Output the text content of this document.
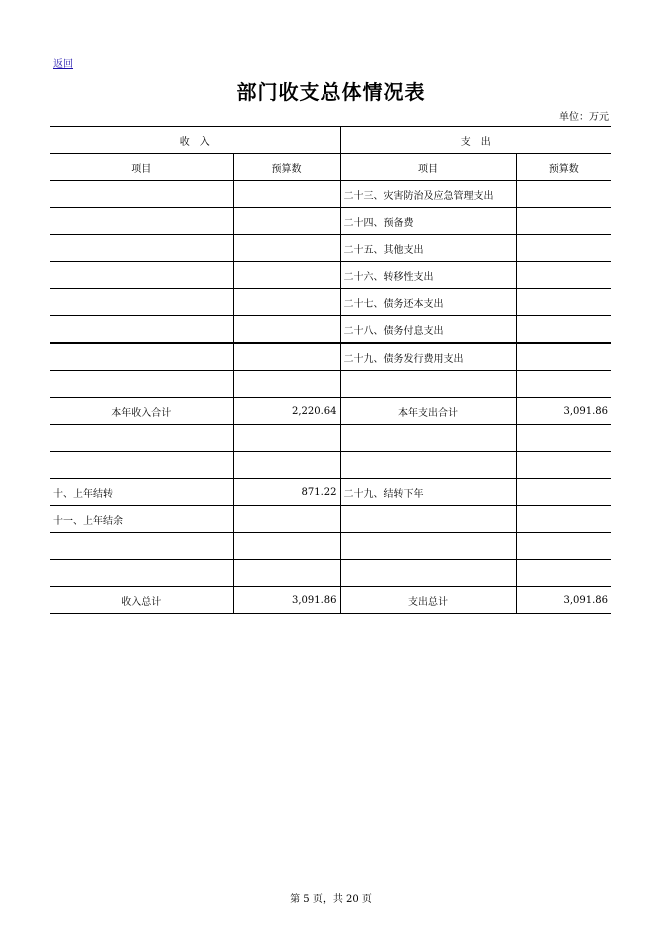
返回
部门收支总体情况表
单位：万元
收　入		支　出	
项目	预算数	项目	预算数
		二十三、灾害防治及应急管理支出	
		二十四、预备费	
		二十五、其他支出	
		二十六、转移性支出	
		二十七、债务还本支出	
		二十八、债务付息支出	
		二十九、债务发行费用支出	

本年收入合计	2,220.64	本年支出合计	3,091.86

十、上年结转	871.22	二十九、结转下年	
十一、上年结余			

收入总计	3,091.86	支出总计	3,091.86
第 5 页，共 20 页
